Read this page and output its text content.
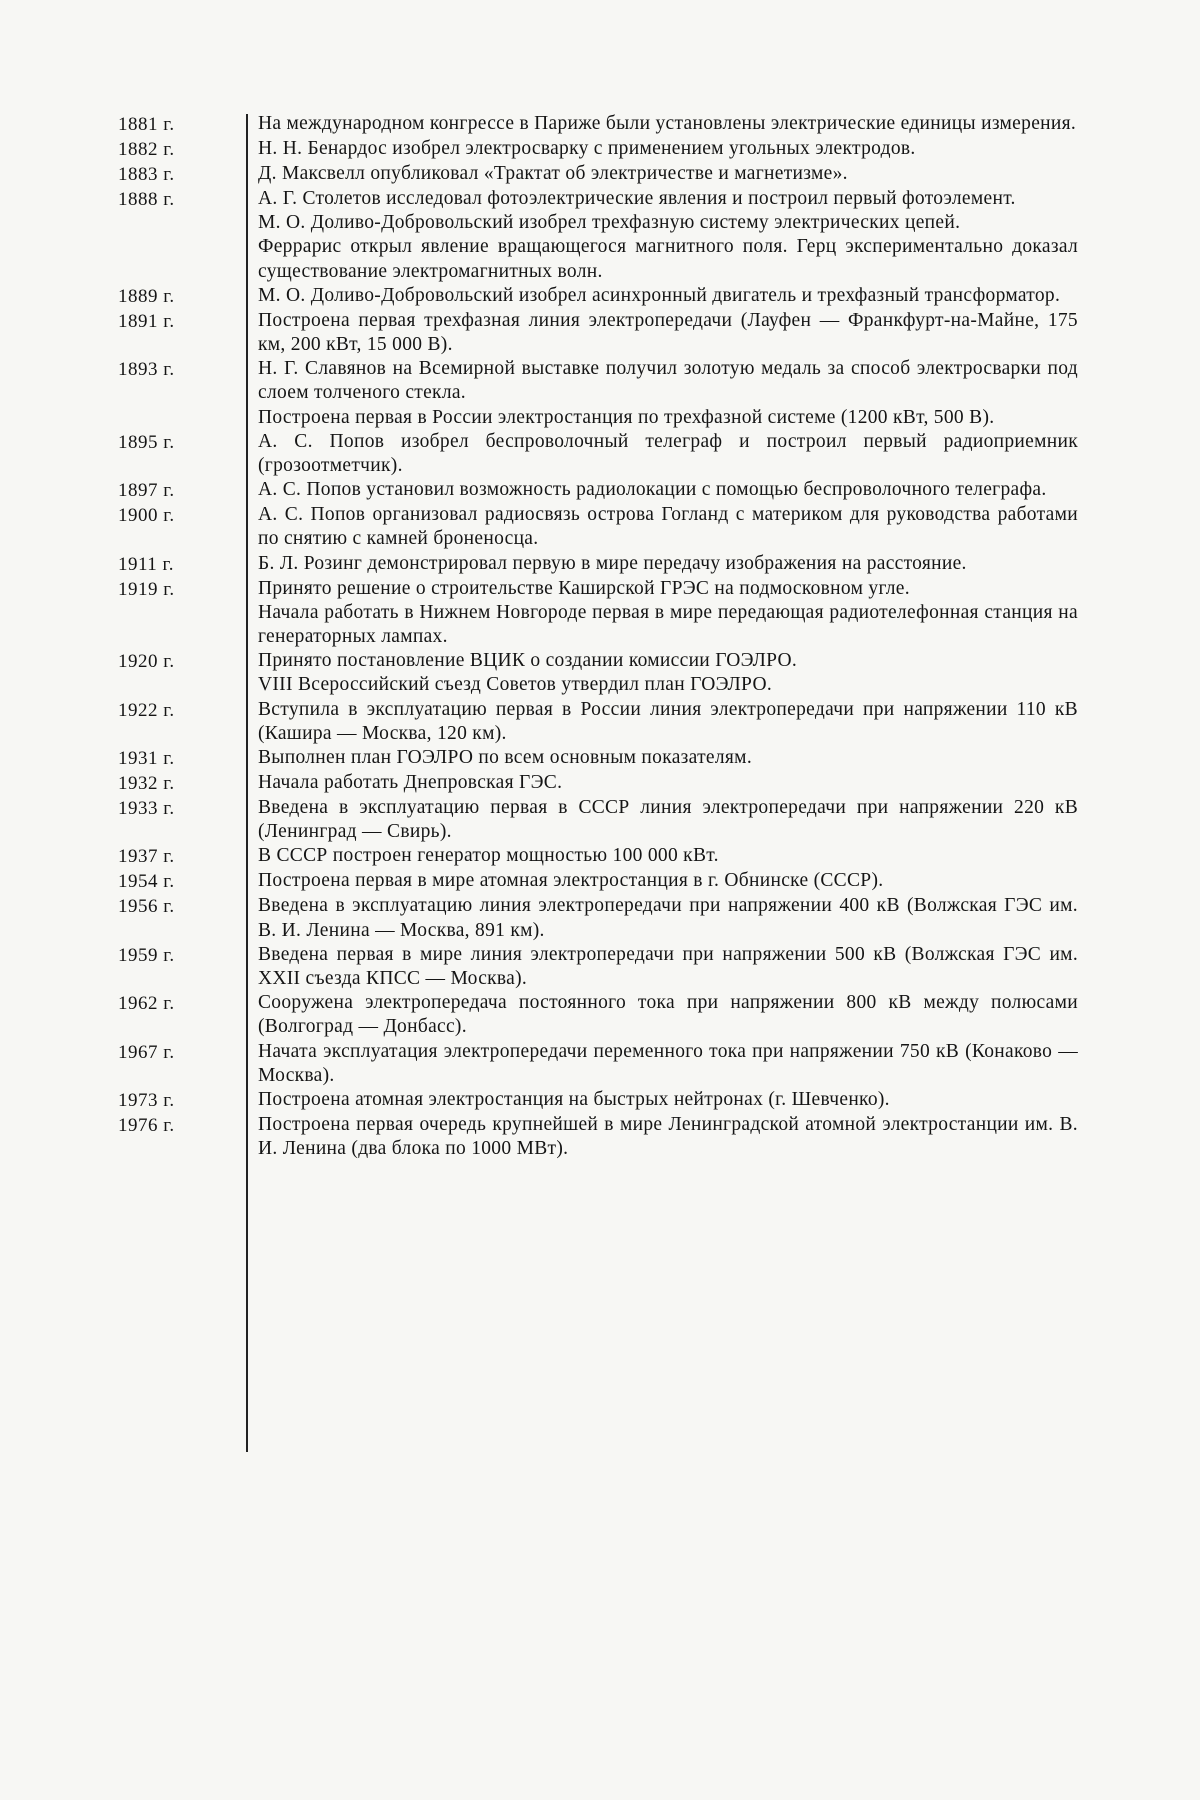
1881 г.	На международном конгрессе в Париже были установлены электрические единицы измерения.
1882 г.	Н. Н. Бенардос изобрел электросварку с применением угольных электродов.
1883 г.	Д. Максвелл опубликовал «Трактат об электричестве и магнетизме».
1888 г.	А. Г. Столетов исследовал фотоэлектрические явления и построил первый фотоэлемент.
М. О. Доливо-Добровольский изобрел трехфазную систему электрических цепей.
Феррарис открыл явление вращающегося магнитного поля. Герц экспериментально доказал существование электромагнитных волн.
1889 г.	М. О. Доливо-Добровольский изобрел асинхронный двигатель и трехфазный трансформатор.
1891 г.	Построена первая трехфазная линия электропередачи (Лауфен — Франкфурт-на-Майне, 175 км, 200 кВт, 15 000 В).
1893 г.	Н. Г. Славянов на Всемирной выставке получил золотую медаль за способ электросварки под слоем толченого стекла.
Построена первая в России электростанция по трехфазной системе (1200 кВт, 500 В).
1895 г.	А. С. Попов изобрел беспроволочный телеграф и построил первый радиоприемник (грозоотметчик).
1897 г.	А. С. Попов установил возможность радиолокации с помощью беспроволочного телеграфа.
1900 г.	А. С. Попов организовал радиосвязь острова Гогланд с материком для руководства работами по снятию с камней броненосца.
1911 г.	Б. Л. Розинг демонстрировал первую в мире передачу изображения на расстояние.
1919 г.	Принято решение о строительстве Каширской ГРЭС на подмосковном угле.
Начала работать в Нижнем Новгороде первая в мире передающая радиотелефонная станция на генераторных лампах.
1920 г.	Принято постановление ВЦИК о создании комиссии ГОЭЛРО.
VIII Всероссийский съезд Советов утвердил план ГОЭЛРО.
1922 г.	Вступила в эксплуатацию первая в России линия электропередачи при напряжении 110 кВ (Кашира — Москва, 120 км).
1931 г.	Выполнен план ГОЭЛРО по всем основным показателям.
1932 г.	Начала работать Днепровская ГЭС.
1933 г.	Введена в эксплуатацию первая в СССР линия электропередачи при напряжении 220 кВ (Ленинград — Свирь).
1937 г.	В СССР построен генератор мощностью 100 000 кВт.
1954 г.	Построена первая в мире атомная электростанция в г. Обнинске (СССР).
1956 г.	Введена в эксплуатацию линия электропередачи при напряжении 400 кВ (Волжская ГЭС им. В. И. Ленина — Москва, 891 км).
1959 г.	Введена первая в мире линия электропередачи при напряжении 500 кВ (Волжская ГЭС им. XXII съезда КПСС — Москва).
1962 г.	Сооружена электропередача постоянного тока при напряжении 800 кВ между полюсами (Волгоград — Донбасс).
1967 г.	Начата эксплуатация электропередачи переменного тока при напряжении 750 кВ (Конаково — Москва).
1973 г.	Построена атомная электростанция на быстрых нейтронах (г. Шевченко).
1976 г.	Построена первая очередь крупнейшей в мире Ленинградской атомной электростанции им. В. И. Ленина (два блока по 1000 МВт).
